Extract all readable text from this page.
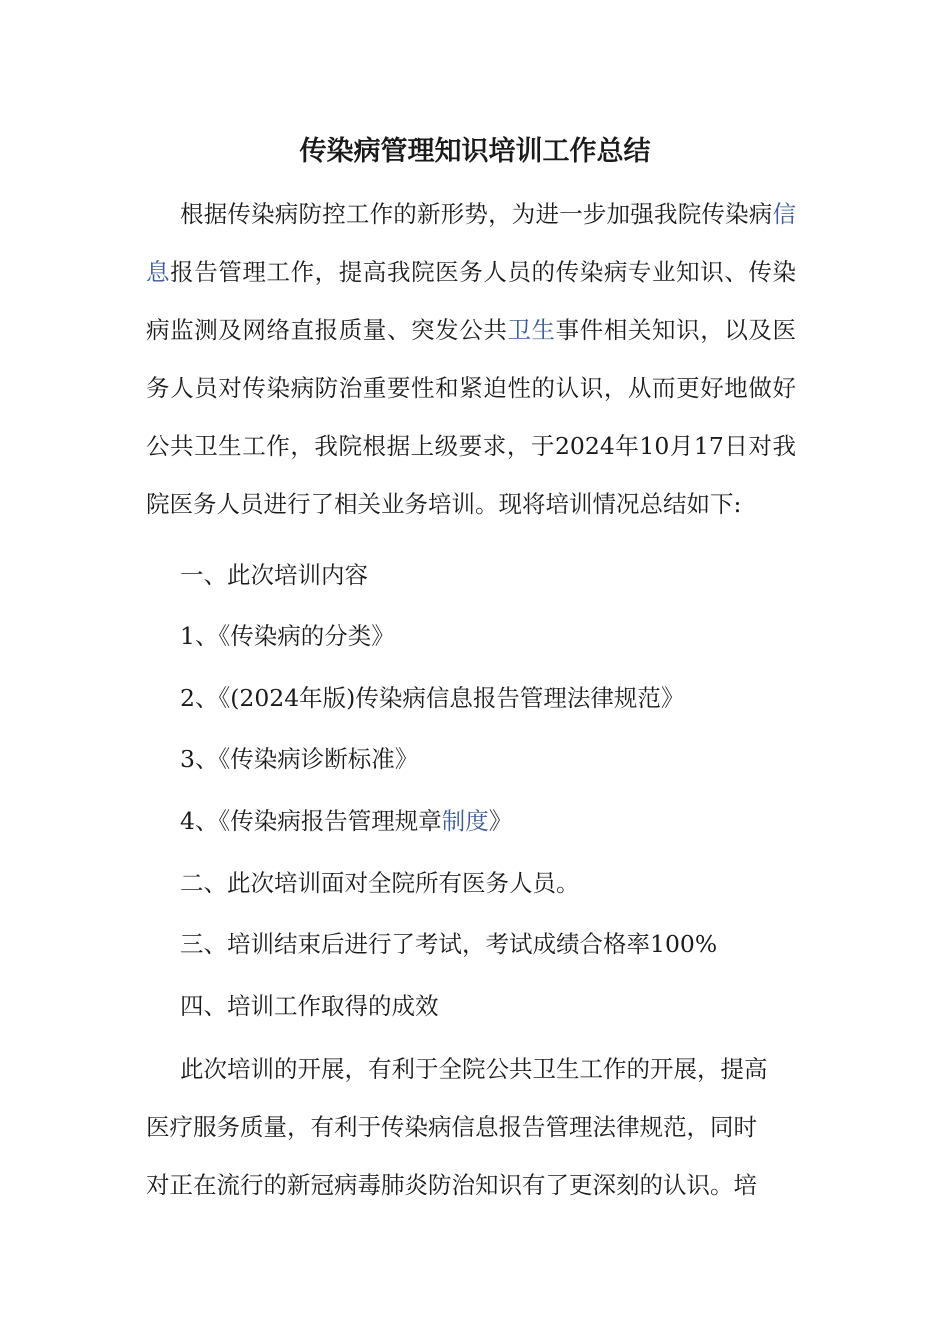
传染病管理知识培训工作总结

根据传染病防控工作的新形势，为进一步加强我院传染病信息报告管理工作，提高我院医务人员的传染病专业知识、传染病监测及网络直报质量、突发公共卫生事件相关知识，以及医务人员对传染病防治重要性和紧迫性的认识，从而更好地做好公共卫生工作，我院根据上级要求，于2024年10月17日对我院医务人员进行了相关业务培训。现将培训情况总结如下:

一、此次培训内容
1、《传染病的分类》
2、《(2024年版)传染病信息报告管理法律规范》
3、《传染病诊断标准》
4、《传染病报告管理规章制度》
二、此次培训面对全院所有医务人员。
三、培训结束后进行了考试，考试成绩合格率100%
四、培训工作取得的成效
此次培训的开展，有利于全院公共卫生工作的开展，提高
医疗服务质量，有利于传染病信息报告管理法律规范，同时
对正在流行的新冠病毒肺炎防治知识有了更深刻的认识。培
